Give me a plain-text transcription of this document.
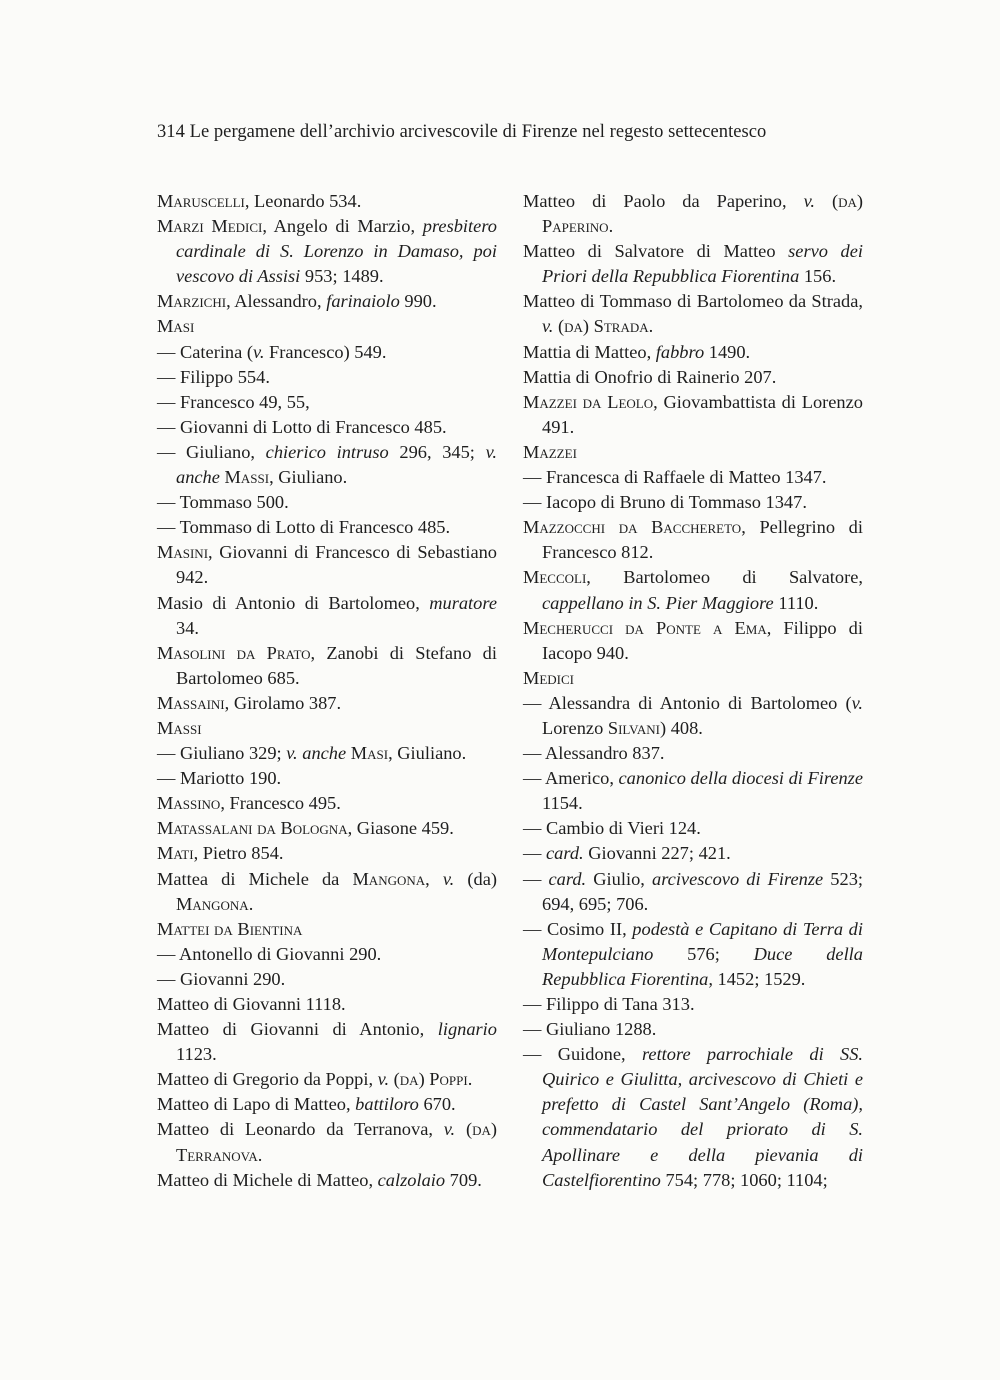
314 Le pergamene dell’archivio arcivescovile di Firenze nel regesto settecentesco
Maruscelli, Leonardo 534.
Marzi Medici, Angelo di Marzio, presbitero cardinale di S. Lorenzo in Damaso, poi vescovo di Assisi 953; 1489.
Marzichi, Alessandro, farinaiolo 990.
Masi
— Caterina (v. Francesco) 549.
— Filippo 554.
— Francesco 49, 55,
— Giovanni di Lotto di Francesco 485.
— Giuliano, chierico intruso 296, 345; v. anche Massi, Giuliano.
— Tommaso 500.
— Tommaso di Lotto di Francesco 485.
Masini, Giovanni di Francesco di Sebastiano 942.
Masio di Antonio di Bartolomeo, muratore 34.
Masolini da Prato, Zanobi di Stefano di Bartolomeo 685.
Massaini, Girolamo 387.
Massi
— Giuliano 329; v. anche Masi, Giuliano.
— Mariotto 190.
Massino, Francesco 495.
Matassalani da Bologna, Giasone 459.
Mati, Pietro 854.
Mattea di Michele da Mangona, v. (da) Mangona.
Mattei da Bientina
— Antonello di Giovanni 290.
— Giovanni 290.
Matteo di Giovanni 1118.
Matteo di Giovanni di Antonio, lignario 1123.
Matteo di Gregorio da Poppi, v. (da) Poppi.
Matteo di Lapo di Matteo, battiloro 670.
Matteo di Leonardo da Terranova, v. (da) Terranova.
Matteo di Michele di Matteo, calzolaio 709.
Matteo di Paolo da Paperino, v. (da) Paperino.
Matteo di Salvatore di Matteo servo dei Priori della Repubblica Fiorentina 156.
Matteo di Tommaso di Bartolomeo da Strada, v. (da) Strada.
Mattia di Matteo, fabbro 1490.
Mattia di Onofrio di Rainerio 207.
Mazzei da Leolo, Giovambattista di Lorenzo 491.
Mazzei
— Francesca di Raffaele di Matteo 1347.
— Iacopo di Bruno di Tommaso 1347.
Mazzocchi da Bacchereto, Pellegrino di Francesco 812.
Meccoli, Bartolomeo di Salvatore, cappellano in S. Pier Maggiore 1110.
Mecherucci da Ponte a Ema, Filippo di Iacopo 940.
Medici
— Alessandra di Antonio di Bartolomeo (v. Lorenzo Silvani) 408.
— Alessandro 837.
— Americo, canonico della diocesi di Firenze 1154.
— Cambio di Vieri 124.
— card. Giovanni 227; 421.
— card. Giulio, arcivescovo di Firenze 523; 694, 695; 706.
— Cosimo II, podestà e Capitano di Terra di Montepulciano 576; Duce della Repubblica Fiorentina, 1452; 1529.
— Filippo di Tana 313.
— Giuliano 1288.
— Guidone, rettore parrochiale di SS. Quirico e Giulitta, arcivescovo di Chieti e prefetto di Castel Sant’Angelo (Roma), commendatario del priorato di S. Apollinare e della pievania di Castelfiorentino 754; 778; 1060; 1104;
